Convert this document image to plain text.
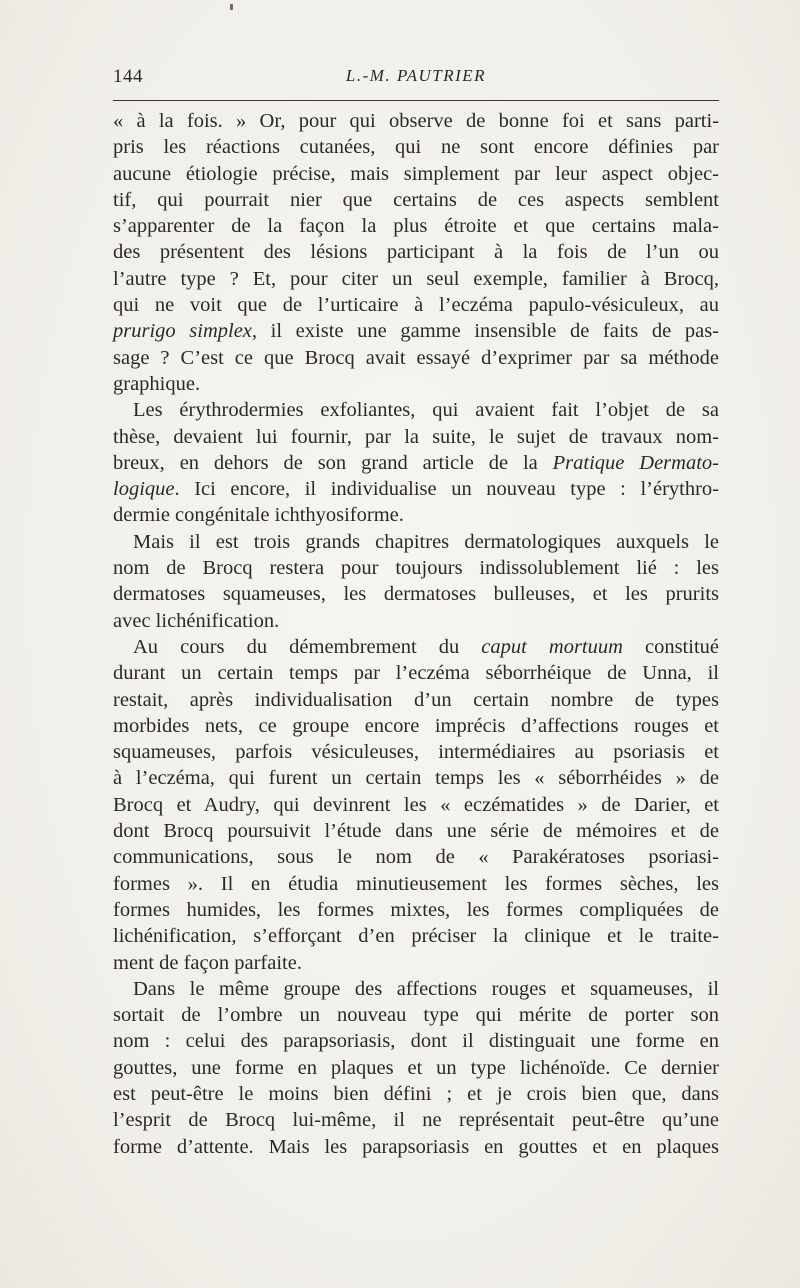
144	L.-M. PAUTRIER
« à la fois. » Or, pour qui observe de bonne foi et sans parti-
pris les réactions cutanées, qui ne sont encore définies par
aucune étiologie précise, mais simplement par leur aspect objec-
tif, qui pourrait nier que certains de ces aspects semblent
s’apparenter de la façon la plus étroite et que certains mala-
des présentent des lésions participant à la fois de l’un ou
l’autre type ? Et, pour citer un seul exemple, familier à Brocq,
qui ne voit que de l’urticaire à l’eczéma papulo-vésiculeux, au
prurigo simplex, il existe une gamme insensible de faits de pas-
sage ? C’est ce que Brocq avait essayé d’exprimer par sa méthode
graphique.
Les érythrodermies exfoliantes, qui avaient fait l’objet de sa
thèse, devaient lui fournir, par la suite, le sujet de travaux nom-
breux, en dehors de son grand article de la Pratique Dermato-
logique. Ici encore, il individualise un nouveau type : l’érythro-
dermie congénitale ichthyosiforme.
Mais il est trois grands chapitres dermatologiques auxquels le
nom de Brocq restera pour toujours indissolublement lié : les
dermatoses squameuses, les dermatoses bulleuses, et les prurits
avec lichénification.
Au cours du démembrement du caput mortuum constitué
durant un certain temps par l’eczéma séborrhéique de Unna, il
restait, après individualisation d’un certain nombre de types
morbides nets, ce groupe encore imprécis d’affections rouges et
squameuses, parfois vésiculeuses, intermédiaires au psoriasis et
à l’eczéma, qui furent un certain temps les « séborrhéides » de
Brocq et Audry, qui devinrent les « eczématides » de Darier, et
dont Brocq poursuivit l’étude dans une série de mémoires et de
communications, sous le nom de « Parakératoses psoriasi-
formes ». Il en étudia minutieusement les formes sèches, les
formes humides, les formes mixtes, les formes compliquées de
lichénification, s’efforçant d’en préciser la clinique et le traite-
ment de façon parfaite.
Dans le même groupe des affections rouges et squameuses, il
sortait de l’ombre un nouveau type qui mérite de porter son
nom : celui des parapsoriasis, dont il distinguait une forme en
gouttes, une forme en plaques et un type lichénoïde. Ce dernier
est peut-être le moins bien défini ; et je crois bien que, dans
l’esprit de Brocq lui-même, il ne représentait peut-être qu’une
forme d’attente. Mais les parapsoriasis en gouttes et en plaques
